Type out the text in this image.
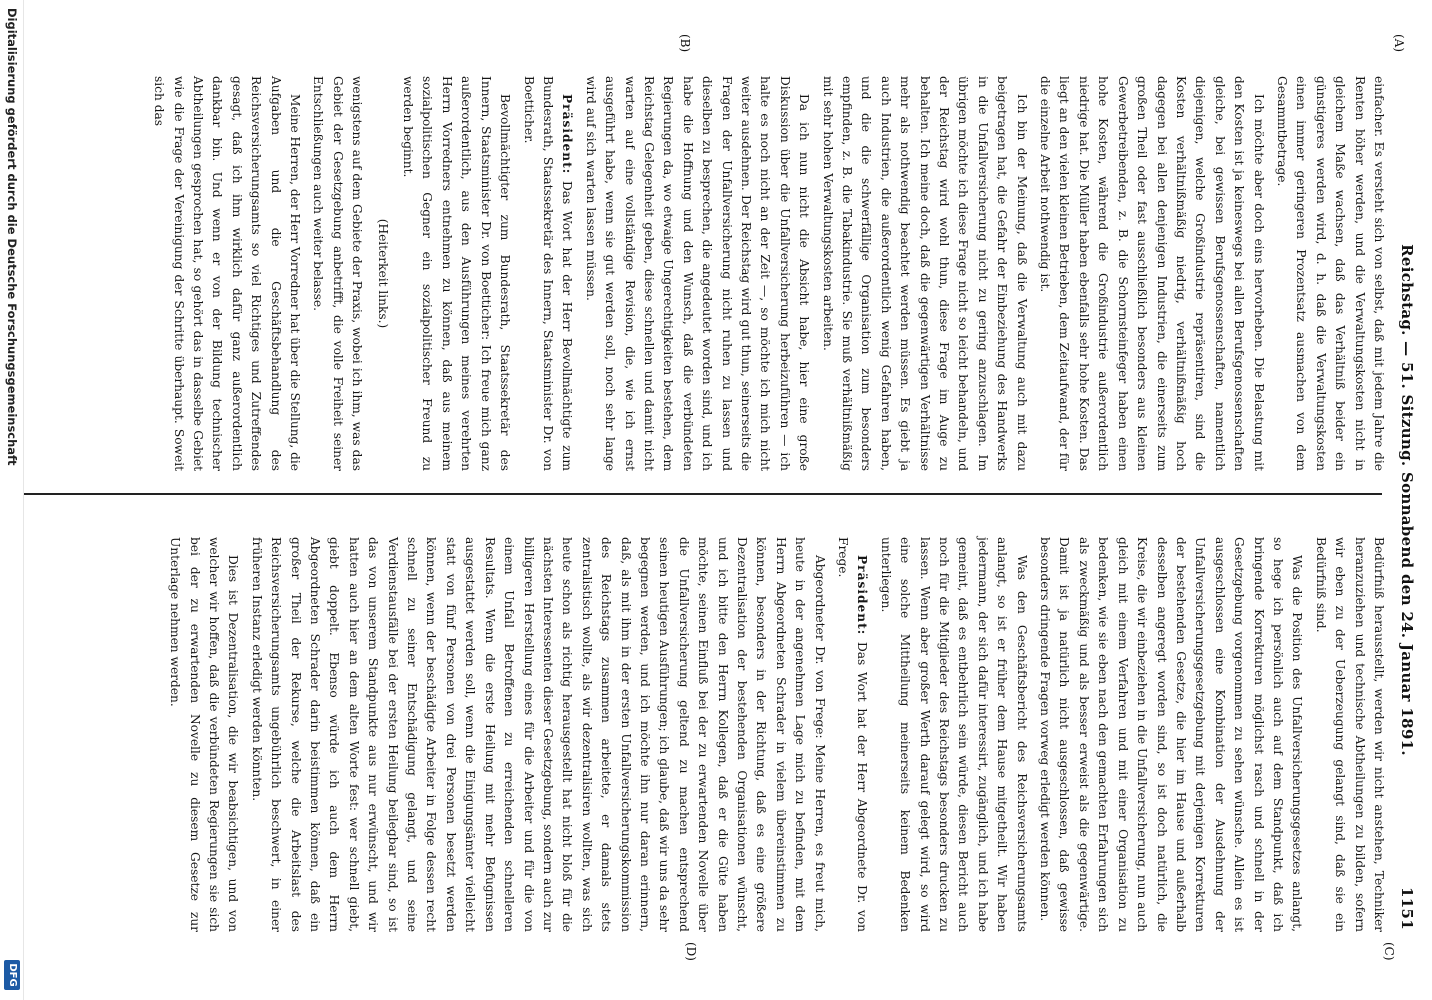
Reichstag. — 51. Sitzung. Sonnabend den 24. Januar 1891.
1151
(A)
(B)
(C)
(D)

einfacher. Es versteht sich von selbst, daß mit jedem Jahre die Renten höher werden, und die Verwaltungskosten nicht in gleichem Maße wachsen, daß das Verhältniß beider ein günstigeres werden wird, d. h. daß die Verwaltungskosten einen immer geringeren Prozentsatz ausmachen von dem Gesammtbetrage.

Ich möchte aber doch eins hervorheben. Die Belastung mit den Kosten ist ja keineswegs bei allen Berufsgenossenschaften gleiche, bei gewissen Berufsgenossenschaften, namentlich diejenigen, welche Großindustrie repräsentiren, sind die Kosten verhältnißmäßig niedrig, verhältnißmäßig hoch dagegen bei allen denjenigen Industrien, die einerseits zum großen Theil oder fast ausschließlich besonders aus kleinen Gewerbetreibenden, z. B. die Schornsteinfeger haben einen hohe Kosten, während die Großindustrie außerordentlich niedrige hat. Die Müller haben ebenfalls sehr hohe Kosten. Das liegt an den vielen kleinen Betrieben, dem Zeitaufwand, der für die einzelne Arbeit nothwendig ist.

Ich bin der Meinung, daß die Verwaltung auch mit dazu beigetragen hat, die Gefahr der Einbeziehung des Handwerks in die Unfallversicherung nicht zu gering anzuschlagen. Im übrigen möchte ich diese Frage nicht so leicht behandeln, und der Reichstag wird wohl thun, diese Frage im Auge zu behalten. Ich meine doch, daß die gegenwärtigen Verhältnisse mehr als nothwendig beachtet werden müssen. Es giebt ja auch Industrien, die außerordentlich wenig Gefahren haben, und die die schwerfällige Organisation zum besonders empfinden, z. B. die Tabakindustrie. Sie muß verhältnißmäßig mit sehr hohen Verwaltungskosten arbeiten.

Da ich nun nicht die Absicht habe, hier eine große Diskussion über die Unfallversicherung herbeizuführen — ich halte es noch nicht an der Zeit —, so möchte ich mich nicht weiter ausdehnen. Der Reichstag wird gut thun, seinerseits die Fragen der Unfallversicherung nicht ruhen zu lassen und dieselben zu besprechen, die angedeutet worden sind, und ich habe die Hoffnung und den Wunsch, daß die verbündeten Regierungen da, wo etwaige Ungerechtigkeiten bestehen, dem Reichstag Gelegenheit geben, diese schnellen und damit nicht warten auf eine vollständige Revision, die, wie ich ernst ausgeführt habe, wenn sie gut werden soll, noch sehr lange wird auf sich warten lassen müssen.

Präsident: Das Wort hat der Herr Bevollmächtigte zum Bundesrath, Staatssekretär des Innern, Staatsminister Dr. von Boetticher.

Bevollmächtigter zum Bundesrath, Staatssekretär des Innern, Staatsminister Dr. von Boetticher: Ich freue mich ganz außerordentlich, aus den Ausführungen meines verehrten Herrn Vorredners entnehmen zu können, daß aus meinem sozialpolitischen Gegner ein sozialpolitischer Freund zu werden beginnt.

(Heiterkeit links.)

wenigstens auf dem Gebiete der Praxis, wobei ich ihm, was das Gebiet der Gesetzgebung anbetrifft, die volle Freiheit seiner Entschließungen auch weiter belasse.

Meine Herren, der Herr Vorredner hat über die Stellung, die Aufgaben und die Geschäftsbehandlung des Reichsversicherungsamts so viel Richtiges und Zutreffendes gesagt, daß ich ihm wirklich dafür ganz außerordentlich dankbar bin. Und wenn er von der Bildung technischer Abtheilungen gesprochen hat, so gehört das in dasselbe Gebiet wie die Frage der Vereinigung der Schritte überhaupt. Soweit sich das

Bedürfniß herausstellt, werden wir nicht anstehen, Techniker heranzuziehen und technische Abtheilungen zu bilden, sofern wir eben zu der Ueberzeugung gelangt sind, daß sie ein Bedürfniß sind.

Was die Position des Unfallversicherungsgesetzes anlangt, so hege ich persönlich auch auf dem Standpunkt, daß ich bringende Korrekturen möglichst rasch und schnell in der Gesetzgebung vorgenommen zu sehen wünsche. Allein es ist ausgeschlossen eine Kombination der Ausdehnung der Unfallversicherungsgesetzgebung mit derjenigen Korrekturen der bestehenden Gesetze, die hier im Hause und außerhalb desselben angeregt worden sind, so ist doch natürlich, die Kreise, die wir einbeziehen in die Unfallversicherung, nun auch gleich mit einem Verfahren und mit einer Organisation zu bedenken, wie sie eben nach den gemachten Erfahrungen sich als zweckmäßig und als besser erweist als die gegenwärtige. Damit ist ja natürlich nicht ausgeschlossen, daß gewisse besonders dringende Fragen vorweg erledigt werden können.

Was den Geschäftsbericht des Reichsversicherungsamts anlangt, so ist er früher dem Hause mitgetheilt. Wir haben jedermann, der sich dafür interessirt, zugänglich, und ich habe gemeint, daß es entbehrlich sein würde, diesen Bericht auch noch für die Mitglieder des Reichstags besonders drucken zu lassen. Wenn aber großer Werth darauf gelegt wird, so wird eine solche Mittheilung meinerseits keinem Bedenken unterliegen.

Präsident: Das Wort hat der Herr Abgeordnete Dr. von Frege.

Abgeordneter Dr. von Frege: Meine Herren, es freut mich, heute in der angenehmen Lage mich zu befinden, mit dem Herrn Abgeordneten Schrader in vielem übereinstimmen zu können, besonders in der Richtung, daß es eine größere Dezentralisation der bestehenden Organisationen wünscht, und ich bitte den Herrn Kollegen, daß er die Güte haben möchte, seinen Einfluß bei der zu erwartenden Novelle über die Unfallversicherung geltend zu machen entsprechend seinen heutigen Ausführungen; ich glaube, daß wir uns da sehr begegnen werden, und ich möchte ihn nur daran erinnern, daß, als mit ihm in der ersten Unfallversicherungskommission des Reichstags zusammen arbeitete, er damals stets zentralistisch wollte, als wir dezentralisiren wollten, was sich heute schon als richtig herausgestellt hat nicht bloß für die nächsten Interessenten dieser Gesetzgebung, sondern auch zur billigeren Herstellung eines für die Arbeiter und für die von einem Unfall Betroffenen zu erreichenden schnelleren Resultats. Wenn die erste Heilung mit mehr Befugnissen ausgestattet werden soll, wenn die Einigungsämter vielleicht statt von fünf Personen von drei Personen besetzt werden können, wenn der beschädigte Arbeiter in Folge dessen recht schnell zu seiner Entschädigung gelangt, und seine Verdienstausfälle bei der ersten Heilung beilegbar sind, so ist das von unserem Standpunkte aus nur erwünscht, und wir hatten auch hier an dem alten Worte fest: wer schnell giebt, giebt doppelt. Ebenso würde ich auch dem Herrn Abgeordneten Schrader darin beistimmen können, daß ein großer Theil der Rekurse, welche die Arbeitslast des Reichsversicherungsamts ungebührlich beschwert, in einer früheren Instanz erledigt werden könnten.

Dies ist Dezentralisation, die wir beabsichtigen, und von welcher wir hoffen, daß die verbündeten Regierungen sie sich bei der zu erwartenden Novelle zu diesem Gesetze zur Unterlage nehmen werden.

Digitalisierung gefördert durch die Deutsche Forschungsgemeinschaft
DFG
